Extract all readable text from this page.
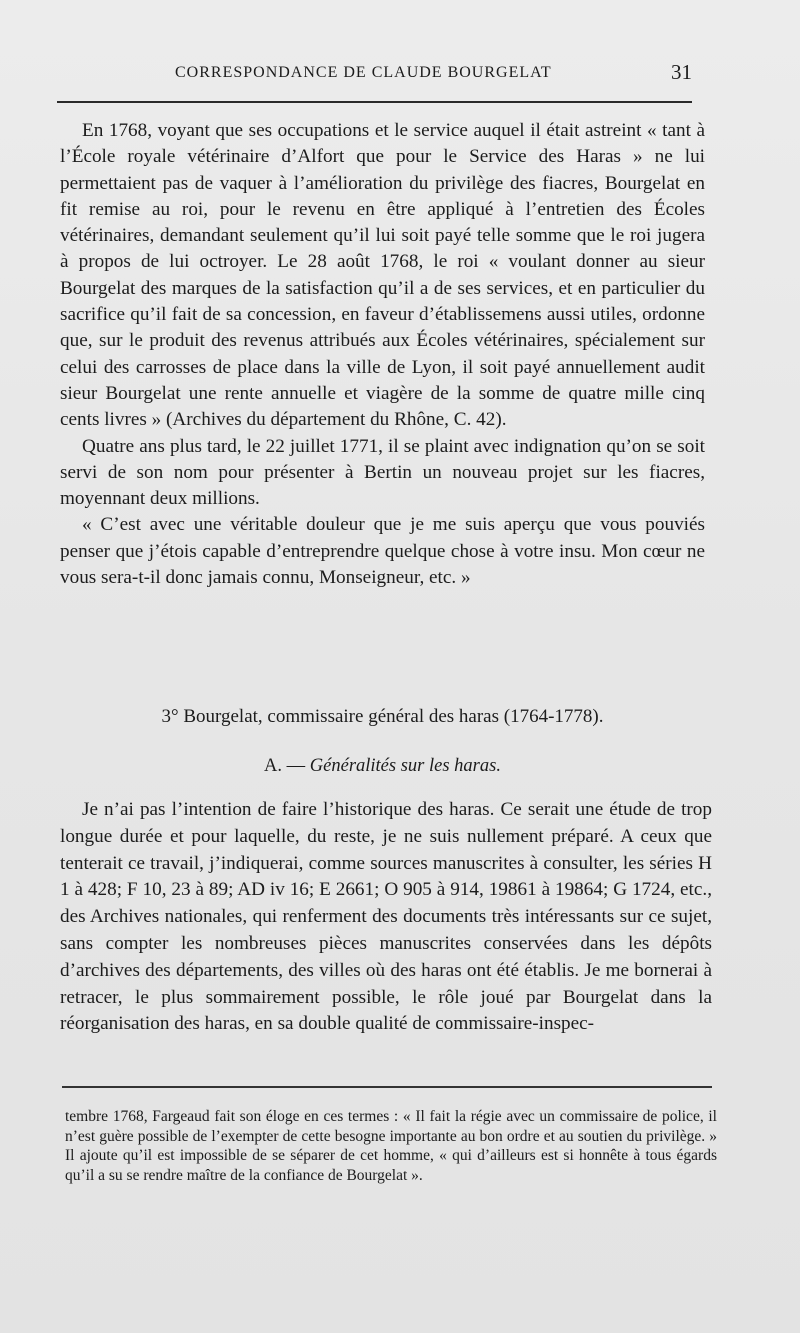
CORRESPONDANCE DE CLAUDE BOURGELAT	31

En 1768, voyant que ses occupations et le service auquel il était astreint « tant à l’École royale vétérinaire d’Alfort que pour le Service des Haras » ne lui permettaient pas de vaquer à l’amélioration du privilège des fiacres, Bourgelat en fit remise au roi, pour le revenu en être appliqué à l’entretien des Écoles vétérinaires, demandant seulement qu’il lui soit payé telle somme que le roi jugera à propos de lui octroyer. Le 28 août 1768, le roi « voulant donner au sieur Bourgelat des marques de la satisfaction qu’il a de ses services, et en particulier du sacrifice qu’il fait de sa concession, en faveur d’établissemens aussi utiles, ordonne que, sur le produit des revenus attribués aux Écoles vétérinaires, spécialement sur celui des carrosses de place dans la ville de Lyon, il soit payé annuellement audit sieur Bourgelat une rente annuelle et viagère de la somme de quatre mille cinq cents livres » (Archives du département du Rhône, C. 42).

Quatre ans plus tard, le 22 juillet 1771, il se plaint avec indignation qu’on se soit servi de son nom pour présenter à Bertin un nouveau projet sur les fiacres, moyennant deux millions.

« C’est avec une véritable douleur que je me suis aperçu que vous pouviés penser que j’étois capable d’entreprendre quelque chose à votre insu. Mon cœur ne vous sera-t-il donc jamais connu, Monseigneur, etc. »

3° Bourgelat, commissaire général des haras (1764-1778).
A. — Généralités sur les haras.

Je n’ai pas l’intention de faire l’historique des haras. Ce serait une étude de trop longue durée et pour laquelle, du reste, je ne suis nullement préparé. A ceux que tenterait ce travail, j’indiquerai, comme sources manuscrites à consulter, les séries H 1 à 428; F 10, 23 à 89; AD iv 16; E 2661; O 905 à 914, 19861 à 19864; G 1724, etc., des Archives nationales, qui renferment des documents très intéressants sur ce sujet, sans compter les nombreuses pièces manuscrites conservées dans les dépôts d’archives des départements, des villes où des haras ont été établis. Je me bornerai à retracer, le plus sommairement possible, le rôle joué par Bourgelat dans la réorganisation des haras, en sa double qualité de commissaire-inspec-

tembre 1768, Fargeaud fait son éloge en ces termes : « Il fait la régie avec un commissaire de police, il n’est guère possible de l’exempter de cette besogne importante au bon ordre et au soutien du privilège. » Il ajoute qu’il est impossible de se séparer de cet homme, « qui d’ailleurs est si honnête à tous égards qu’il a su se rendre maître de la confiance de Bourgelat ».
